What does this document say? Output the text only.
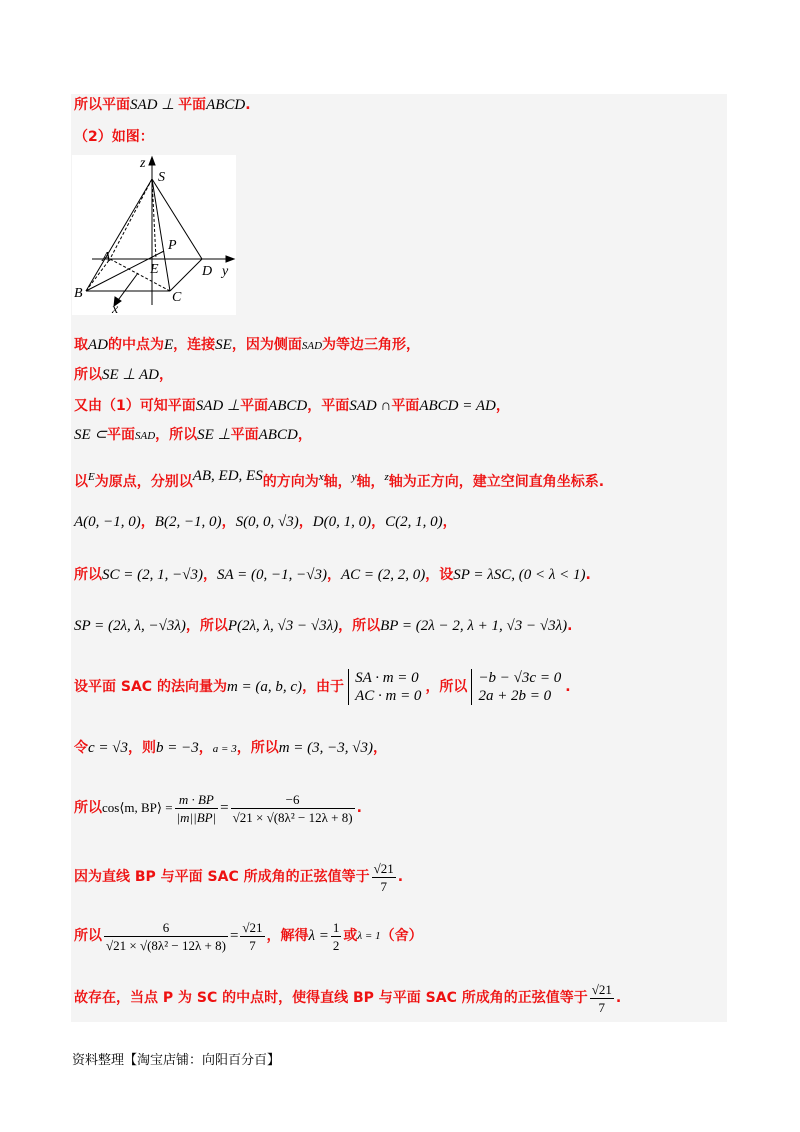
所以平面SAD ⊥ 平面ABCD.
（2）如图：
z
S
P
A
E	D y
B	C
x
取AD的中点为E，连接SE，因为侧面SAD为等边三角形，
所以SE ⊥ AD，
又由（1）可知平面SAD ⊥平面ABCD，平面SAD ∩平面ABCD = AD，
SE ⊂平面SAD，所以SE ⊥平面ABCD，
以$^E$为原点，分别以AB, ED, ES的方向为$^x$轴，$^y$轴，$^z$轴为正方向，建立空间直角坐标系.
A(0, −1, 0)，B(2, −1, 0)，S(0, 0, √3)，D(0, 1, 0)，C(2, 1, 0)，
所以SC = (2, 1, −√3)，SA = (0, −1, −√3)，AC = (2, 2, 0)，设SP = λSC, (0 < λ < 1).
SP = (2λ, λ, −√3λ)，所以P(2λ, λ, √3 − √3λ)，所以BP = (2λ − 2, λ + 1, √3 − √3λ).
设平面 SAC 的法向量为 m = (a, b, c) ，由于
SA · m = 0
AC · m = 0
，所以
−b − √3c = 0
2a + 2b = 0
.
令c = √3，则b = −3，a = 3，所以m = (3, −3, √3)，
所以 cos⟨m, BP⟩ = $\frac{m \cdot BP}{|m||BP|} = \frac{-6}{\text{√21 × √(8λ² − 12λ + 8)}}$ .
因为直线 BP 与平面 SAC 所成角的正弦值等于 $\frac{√21}{7}$ .
所以 $\frac{6}{\text{√21 × √(8λ² − 12λ + 8)}} = \frac{√21}{7}$ ，解得 $\lambda = \frac{1}{2}$ 或 λ = 1 （舍）
故存在，当点 P 为 SC 的中点时，使得直线 BP 与平面 SAC 所成角的正弦值等于 $\frac{√21}{7}$ .
资料整理【淘宝店铺：向阳百分百】
